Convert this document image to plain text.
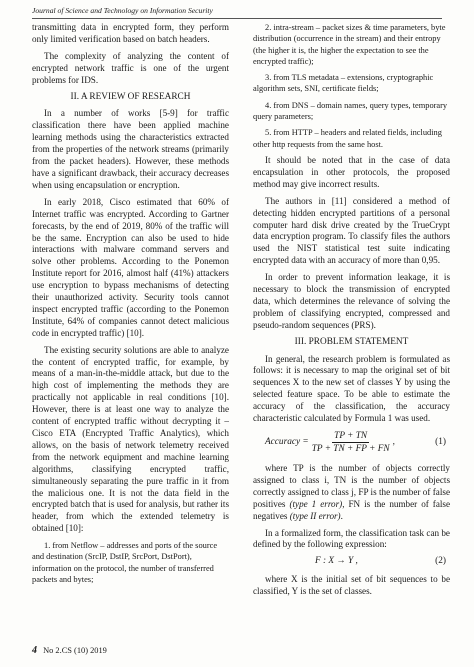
Journal of Science and Technology on Information Security

transmitting data in encrypted form, they perform only limited verification based on batch headers.

The complexity of analyzing the content of encrypted network traffic is one of the urgent problems for IDS.

II. A REVIEW OF RESEARCH

In a number of works [5-9] for traffic classification there have been applied machine learning methods using the characteristics extracted from the properties of the network streams (primarily from the packet headers). However, these methods have a significant drawback, their accuracy decreases when using encapsulation or encryption.

In early 2018, Cisco estimated that 60% of Internet traffic was encrypted. According to Gartner forecasts, by the end of 2019, 80% of the traffic will be the same. Encryption can also be used to hide interactions with malware command servers and solve other problems. According to the Ponemon Institute report for 2016, almost half (41%) attackers use encryption to bypass mechanisms of detecting their unauthorized activity. Security tools cannot inspect encrypted traffic (according to the Ponemon Institute, 64% of companies cannot detect malicious code in encrypted traffic) [10].

The existing security solutions are able to analyze the content of encrypted traffic, for example, by means of a man-in-the-middle attack, but due to the high cost of implementing the methods they are practically not applicable in real conditions [10]. However, there is at least one way to analyze the content of encrypted traffic without decrypting it – Cisco ETA (Encrypted Traffic Analytics), which allows, on the basis of network telemetry received from the network equipment and machine learning algorithms, classifying encrypted traffic, simultaneously separating the pure traffic in it from the malicious one. It is not the data field in the encrypted batch that is used for analysis, but rather its header, from which the extended telemetry is obtained [10]:

1. from Netflow – addresses and ports of the source and destination (SrcIP, DstIP, SrcPort, DstPort), information on the protocol, the number of transferred packets and bytes;

2. intra-stream – packet sizes & time parameters, byte distribution (occurrence in the stream) and their entropy (the higher it is, the higher the expectation to see the encrypted traffic);

3. from TLS metadata – extensions, cryptographic algorithm sets, SNI, certificate fields;

4. from DNS – domain names, query types, temporary query parameters;

5. from HTTP – headers and related fields, including other http requests from the same host.

It should be noted that in the case of data encapsulation in other protocols, the proposed method may give incorrect results.

The authors in [11] considered a method of detecting hidden encrypted partitions of a personal computer hard disk drive created by the TrueCrypt data encryption program. To classify files the authors used the NIST statistical test suite indicating encrypted data with an accuracy of more than 0,95.

In order to prevent information leakage, it is necessary to block the transmission of encrypted data, which determines the relevance of solving the problem of classifying encrypted, compressed and pseudo-random sequences (PRS).

III. PROBLEM STATEMENT

In general, the research problem is formulated as follows: it is necessary to map the original set of bit sequences X to the new set of classes Y by using the selected feature space. To be able to estimate the accuracy of the classification, the accuracy characteristic calculated by Formula 1 was used.

Accuracy = $\frac{TP + TN}{TP + TN + FP + FN}$ ,	(1)

where TP is the number of objects correctly assigned to class i, TN is the number of objects correctly assigned to class j, FP is the number of false positives (type 1 error), FN is the number of false negatives (type II error).

In a formalized form, the classification task can be defined by the following expression:

F : X → Y ,	(2)

where X is the initial set of bit sequences to be classified, Y is the set of classes.

4 No 2.CS (10) 2019
